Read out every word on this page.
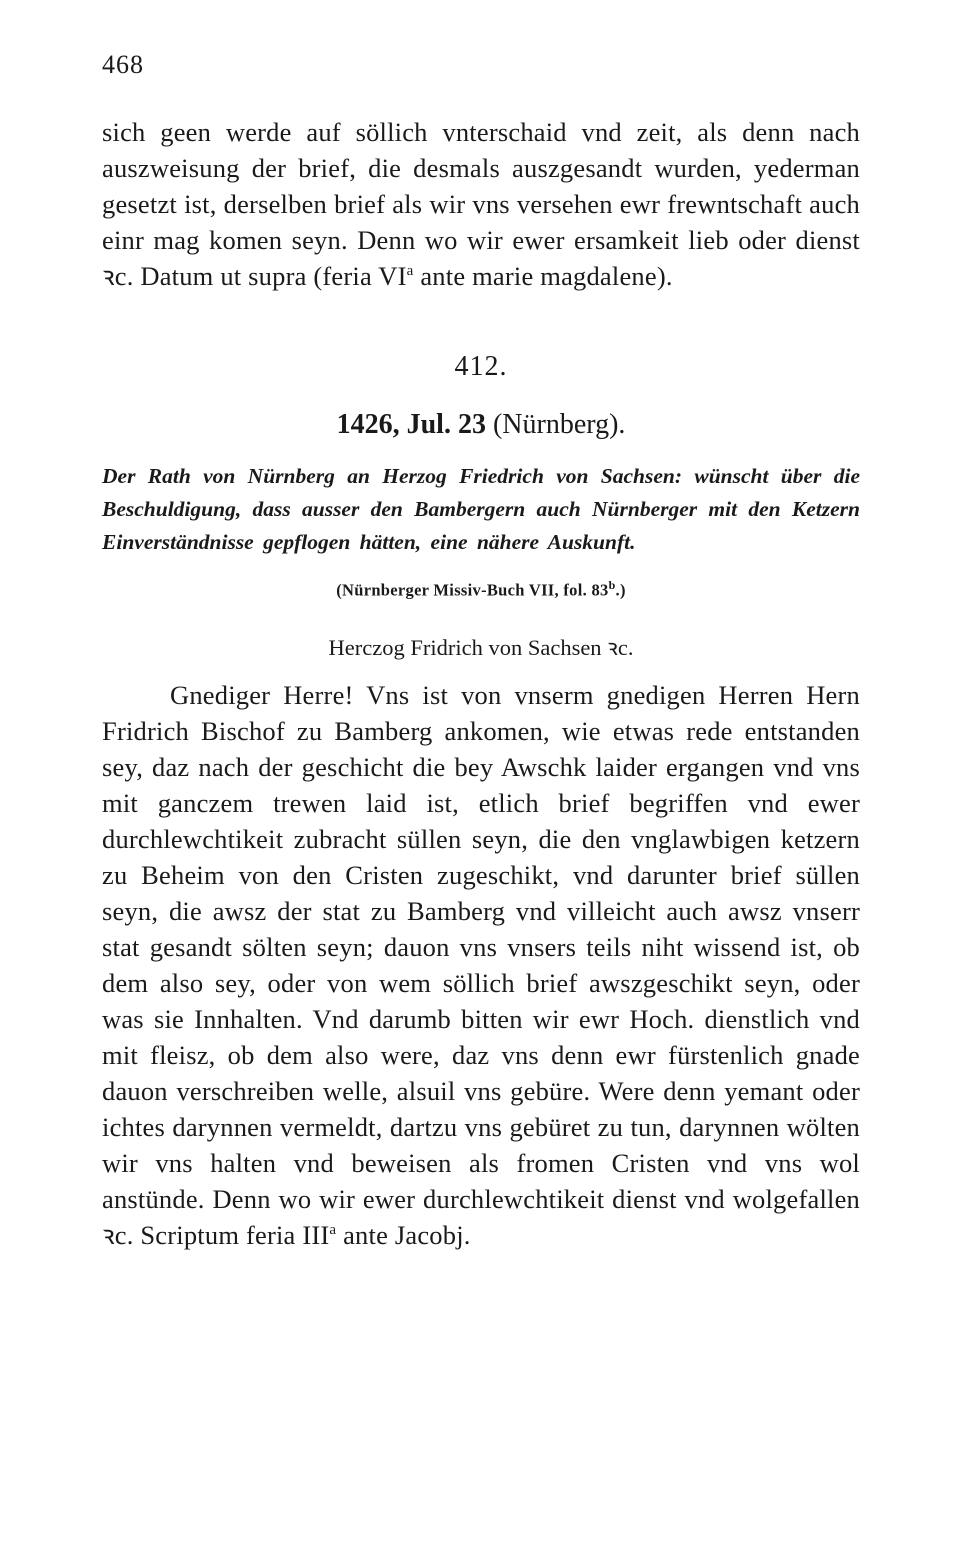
468

sich geen werde auf söllich vnterschaid vnd zeit, als denn nach auszweisung der brief, die desmals auszgesandt wurden, yederman gesetzt ist, derselben brief als wir vns versehen ewr frewntschaft auch einr mag komen seyn. Denn wo wir ewer ersamkeit lieb oder dienst ꝛc. Datum ut supra (feria $VI^a$ ante marie magdalene).

412.
1426, Jul. 23 (Nürnberg).

Der Rath von Nürnberg an Herzog Friedrich von Sachsen: wünscht über die Beschuldigung, dass ausser den Bambergern auch Nürnberger mit den Ketzern Einverständnisse gepflogen hätten, eine nähere Auskunft.

(Nürnberger Missiv-Buch VII, fol. 83$^b$.)
Herczog Fridrich von Sachsen ꝛc.

Gnediger Herre! Vns ist von vnserm gnedigen Herren Hern Fridrich Bischof zu Bamberg ankomen, wie etwas rede entstanden sey, daz nach der geschicht die bey Awschk laider ergangen vnd vns mit ganczem trewen laid ist, etlich brief begriffen vnd ewer durchlewchtikeit zubracht süllen seyn, die den vnglawbigen ketzern zu Beheim von den Cristen zugeschikt, vnd darunter brief süllen seyn, die awsz der stat zu Bamberg vnd villeicht auch awsz vnserr stat gesandt sölten seyn; dauon vns vnsers teils niht wissend ist, ob dem also sey, oder von wem söllich brief awszgeschikt seyn, oder was sie Innhalten. Vnd darumb bitten wir ewr Hoch. dienstlich vnd mit fleisz, ob dem also were, daz vns denn ewr fürstenlich gnade dauon verschreiben welle, alsuil vns gebüre. Were denn yemant oder ichtes darynnen vermeldt, dartzu vns gebüret zu tun, darynnen wölten wir vns halten vnd beweisen als fromen Cristen vnd vns wol anstünde. Denn wo wir ewer durchlewchtikeit dienst vnd wolgefallen ꝛc. Scriptum feria III$^a$ ante Jacobj.
